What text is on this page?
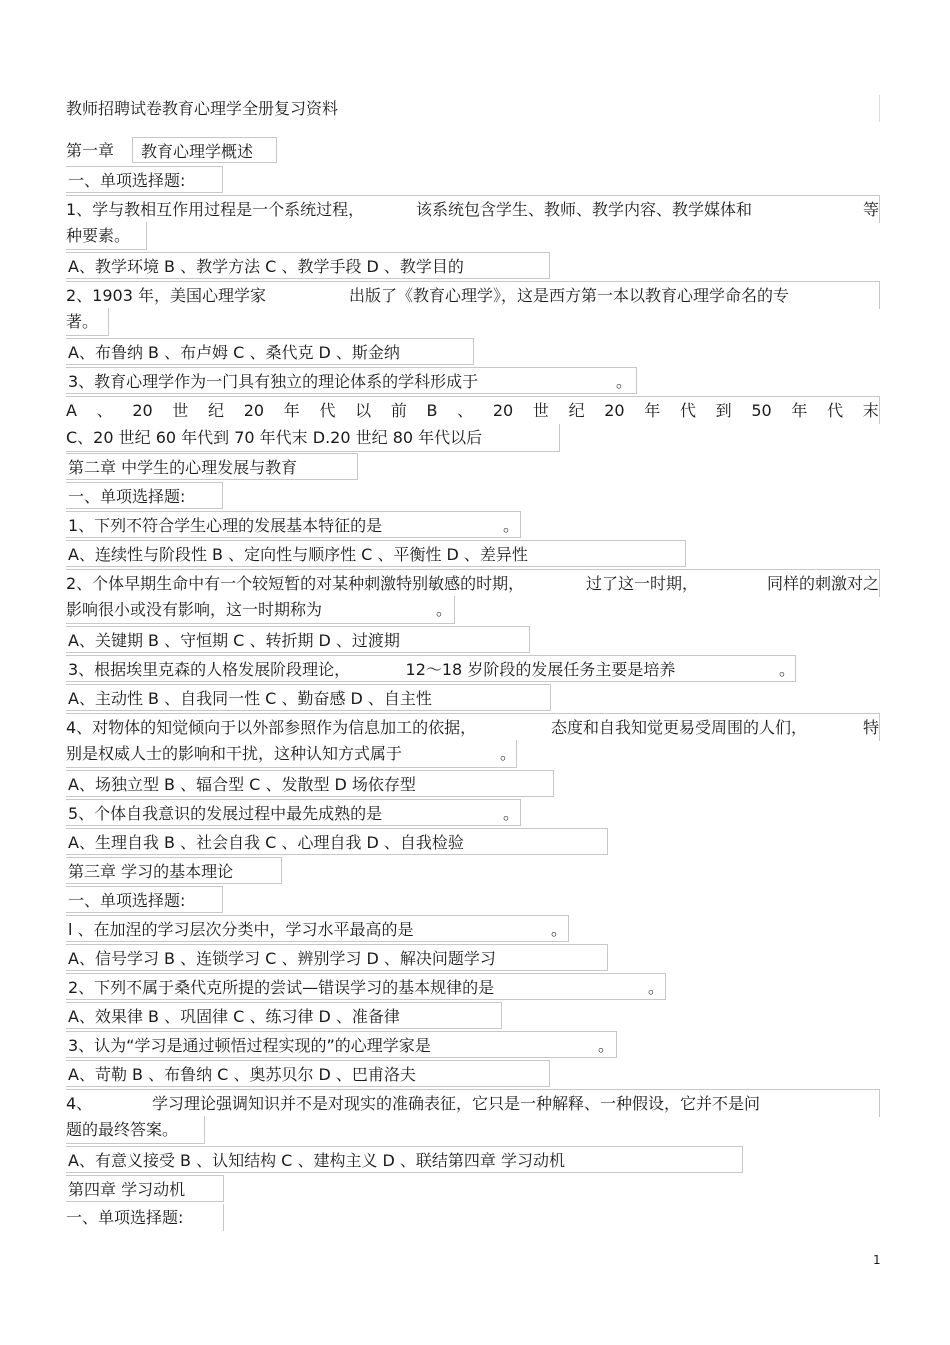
教师招聘试卷教育心理学全册复习资料
第一章	教育心理学概述
一、单项选择题:
1、学与教相互作用过程是一个系统过程，	该系统包含学生、教师、教学内容、教学媒体和	等
种要素。
A、教学环境 B 、教学方法 C 、教学手段 D 、教学目的
2、1903 年，美国心理学家	出版了《教育心理学》，这是西方第一本以教育心理学命名的专
著。
A、布鲁纳 B 、布卢姆 C 、桑代克 D 、斯金纳
3、教育心理学作为一门具有独立的理论体系的学科形成于	。
A 、 20 世 纪 20 年 代 以 前 B 、 20 世 纪 20 年 代 到 50 年 代 末
C、20 世纪 60 年代到 70 年代末 D.20 世纪 80 年代以后
第二章 中学生的心理发展与教育
一、单项选择题:
1、下列不符合学生心理的发展基本特征的是	。
A、连续性与阶段性 B 、定向性与顺序性 C 、平衡性 D 、差异性
2、个体早期生命中有一个较短暂的对某种刺激特别敏感的时期，	过了这一时期，	同样的刺激对之
影响很小或没有影响，这一时期称为	。
A、关键期 B 、守恒期 C 、转折期 D 、过渡期
3、根据埃里克森的人格发展阶段理论，	12～18 岁阶段的发展任务主要是培养	。
A、主动性 B 、自我同一性 C 、勤奋感 D 、自主性
4、对物体的知觉倾向于以外部参照作为信息加工的依据，	态度和自我知觉更易受周围的人们，	特
别是权威人士的影响和干扰，这种认知方式属于	。
A、场独立型 B 、辐合型 C 、发散型 D 场依存型
5、个体自我意识的发展过程中最先成熟的是	。
A、生理自我 B 、社会自我 C 、心理自我 D 、自我检验
第三章 学习的基本理论
一、单项选择题:
l 、在加涅的学习层次分类中，学习水平最高的是	。
A、信号学习 B 、连锁学习 C 、辨别学习 D 、解决问题学习
2、下列不属于桑代克所提的尝试—错误学习的基本规律的是	。
A、效果律 B 、巩固律 C 、练习律 D 、准备律
3、认为“学习是通过顿悟过程实现的”的心理学家是	。
A、苛勒 B 、布鲁纳 C 、奥苏贝尔 D 、巴甫洛夫
4、	学习理论强调知识并不是对现实的准确表征，它只是一种解释、一种假设，它并不是问
题的最终答案。
A、有意义接受 B 、认知结构 C 、建构主义 D 、联结第四章 学习动机
第四章 学习动机
一、单项选择题:
1
